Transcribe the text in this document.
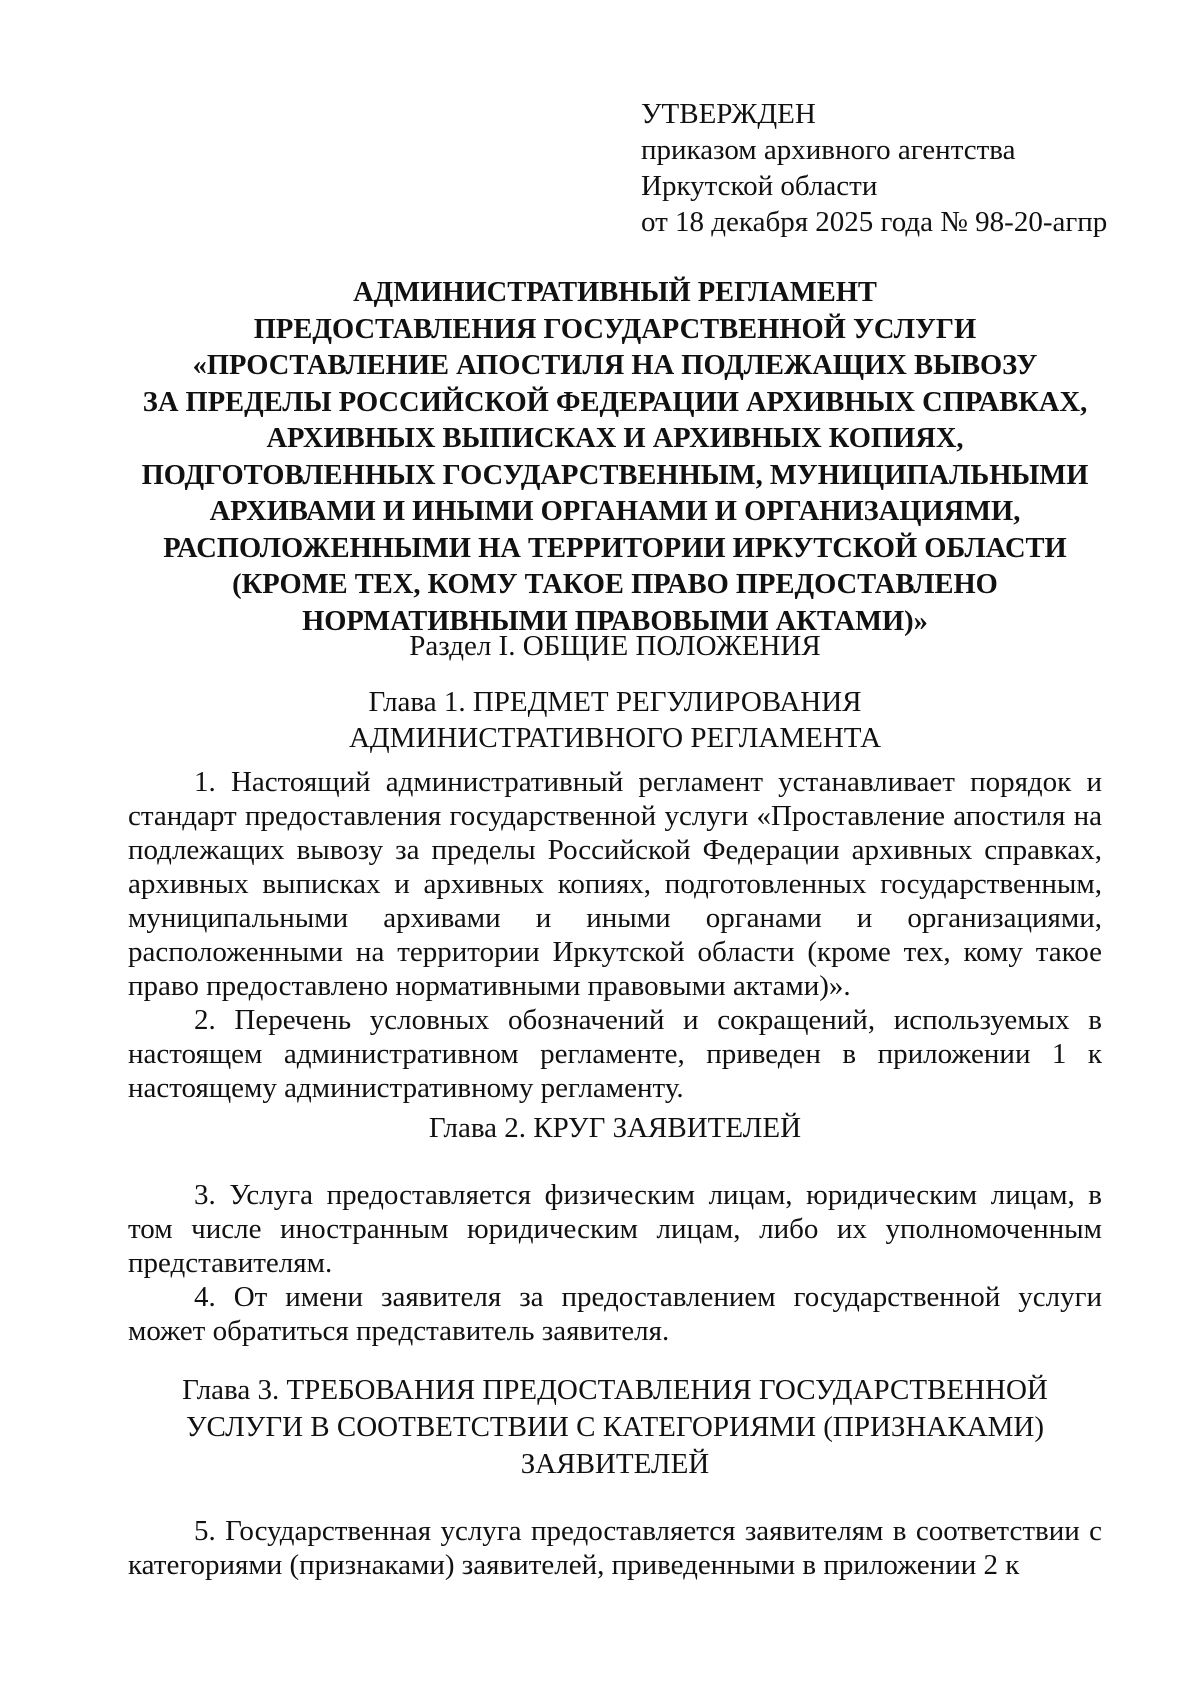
УТВЕРЖДЕН
приказом архивного агентства
Иркутской области
от 18 декабря 2025 года № 98-20-агпр
АДМИНИСТРАТИВНЫЙ РЕГЛАМЕНТ
ПРЕДОСТАВЛЕНИЯ ГОСУДАРСТВЕННОЙ УСЛУГИ
«ПРОСТАВЛЕНИЕ АПОСТИЛЯ НА ПОДЛЕЖАЩИХ ВЫВОЗУ
ЗА ПРЕДЕЛЫ РОССИЙСКОЙ ФЕДЕРАЦИИ АРХИВНЫХ СПРАВКАХ,
АРХИВНЫХ ВЫПИСКАХ И АРХИВНЫХ КОПИЯХ,
ПОДГОТОВЛЕННЫХ ГОСУДАРСТВЕННЫМ, МУНИЦИПАЛЬНЫМИ
АРХИВАМИ И ИНЫМИ ОРГАНАМИ И ОРГАНИЗАЦИЯМИ,
РАСПОЛОЖЕННЫМИ НА ТЕРРИТОРИИ ИРКУТСКОЙ ОБЛАСТИ
(КРОМЕ ТЕХ, КОМУ ТАКОЕ ПРАВО ПРЕДОСТАВЛЕНО
НОРМАТИВНЫМИ ПРАВОВЫМИ АКТАМИ)»
Раздел I. ОБЩИЕ ПОЛОЖЕНИЯ
Глава 1. ПРЕДМЕТ РЕГУЛИРОВАНИЯ
АДМИНИСТРАТИВНОГО РЕГЛАМЕНТА

1. Настоящий административный регламент устанавливает порядок и стандарт предоставления государственной услуги «Проставление апостиля на подлежащих вывозу за пределы Российской Федерации архивных справках, архивных выписках и архивных копиях, подготовленных государственным, муниципальными архивами и иными органами и организациями, расположенными на территории Иркутской области (кроме тех, кому такое право предоставлено нормативными правовыми актами)».

2. Перечень условных обозначений и сокращений, используемых в настоящем административном регламенте, приведен в приложении 1 к настоящему административному регламенту.

Глава 2. КРУГ ЗАЯВИТЕЛЕЙ

3. Услуга предоставляется физическим лицам, юридическим лицам, в том числе иностранным юридическим лицам, либо их уполномоченным представителям.

4. От имени заявителя за предоставлением государственной услуги может обратиться представитель заявителя.

Глава 3. ТРЕБОВАНИЯ ПРЕДОСТАВЛЕНИЯ ГОСУДАРСТВЕННОЙ
УСЛУГИ В СООТВЕТСТВИИ С КАТЕГОРИЯМИ (ПРИЗНАКАМИ)
ЗАЯВИТЕЛЕЙ

5. Государственная услуга предоставляется заявителям в соответствии с категориями (признаками) заявителей, приведенными в приложении 2 к
